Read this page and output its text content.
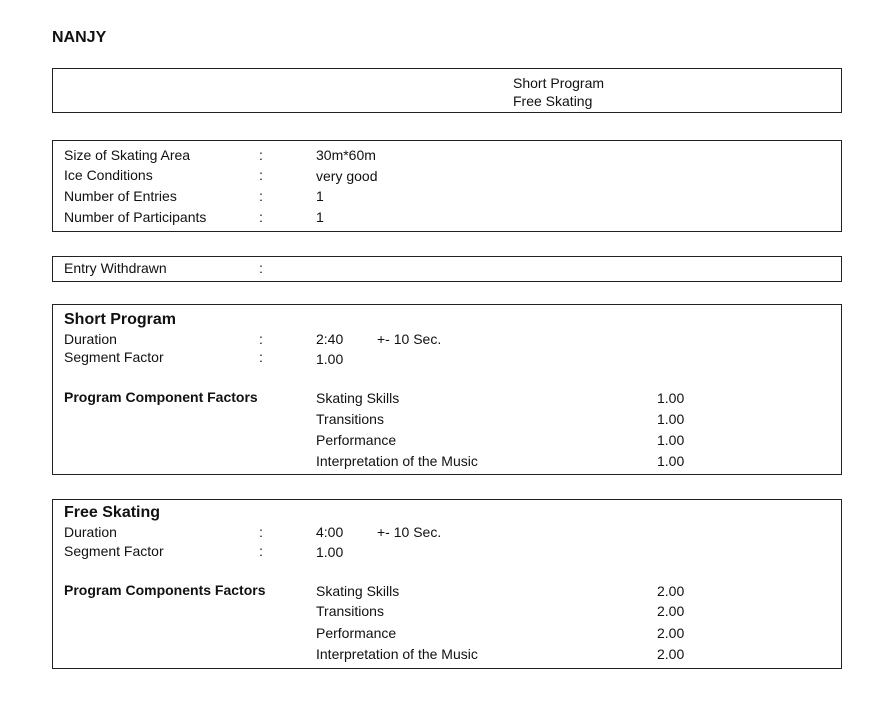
NANJY
Short Program
Free Skating
Size of Skating Area	:	30m*60m
Ice Conditions	:	very good
Number of Entries	:	1
Number of Participants	:	1
Entry Withdrawn	:
Short Program
Duration	:	2:40 +- 10 Sec.
Segment Factor	:	1.00
Program Component Factors	Skating Skills	1.00
Transitions	1.00
Performance	1.00
Interpretation of the Music	1.00
Free Skating
Duration	:	4:00 +- 10 Sec.
Segment Factor	:	1.00
Program Components Factors	Skating Skills	2.00
Transitions	2.00
Performance	2.00
Interpretation of the Music	2.00
